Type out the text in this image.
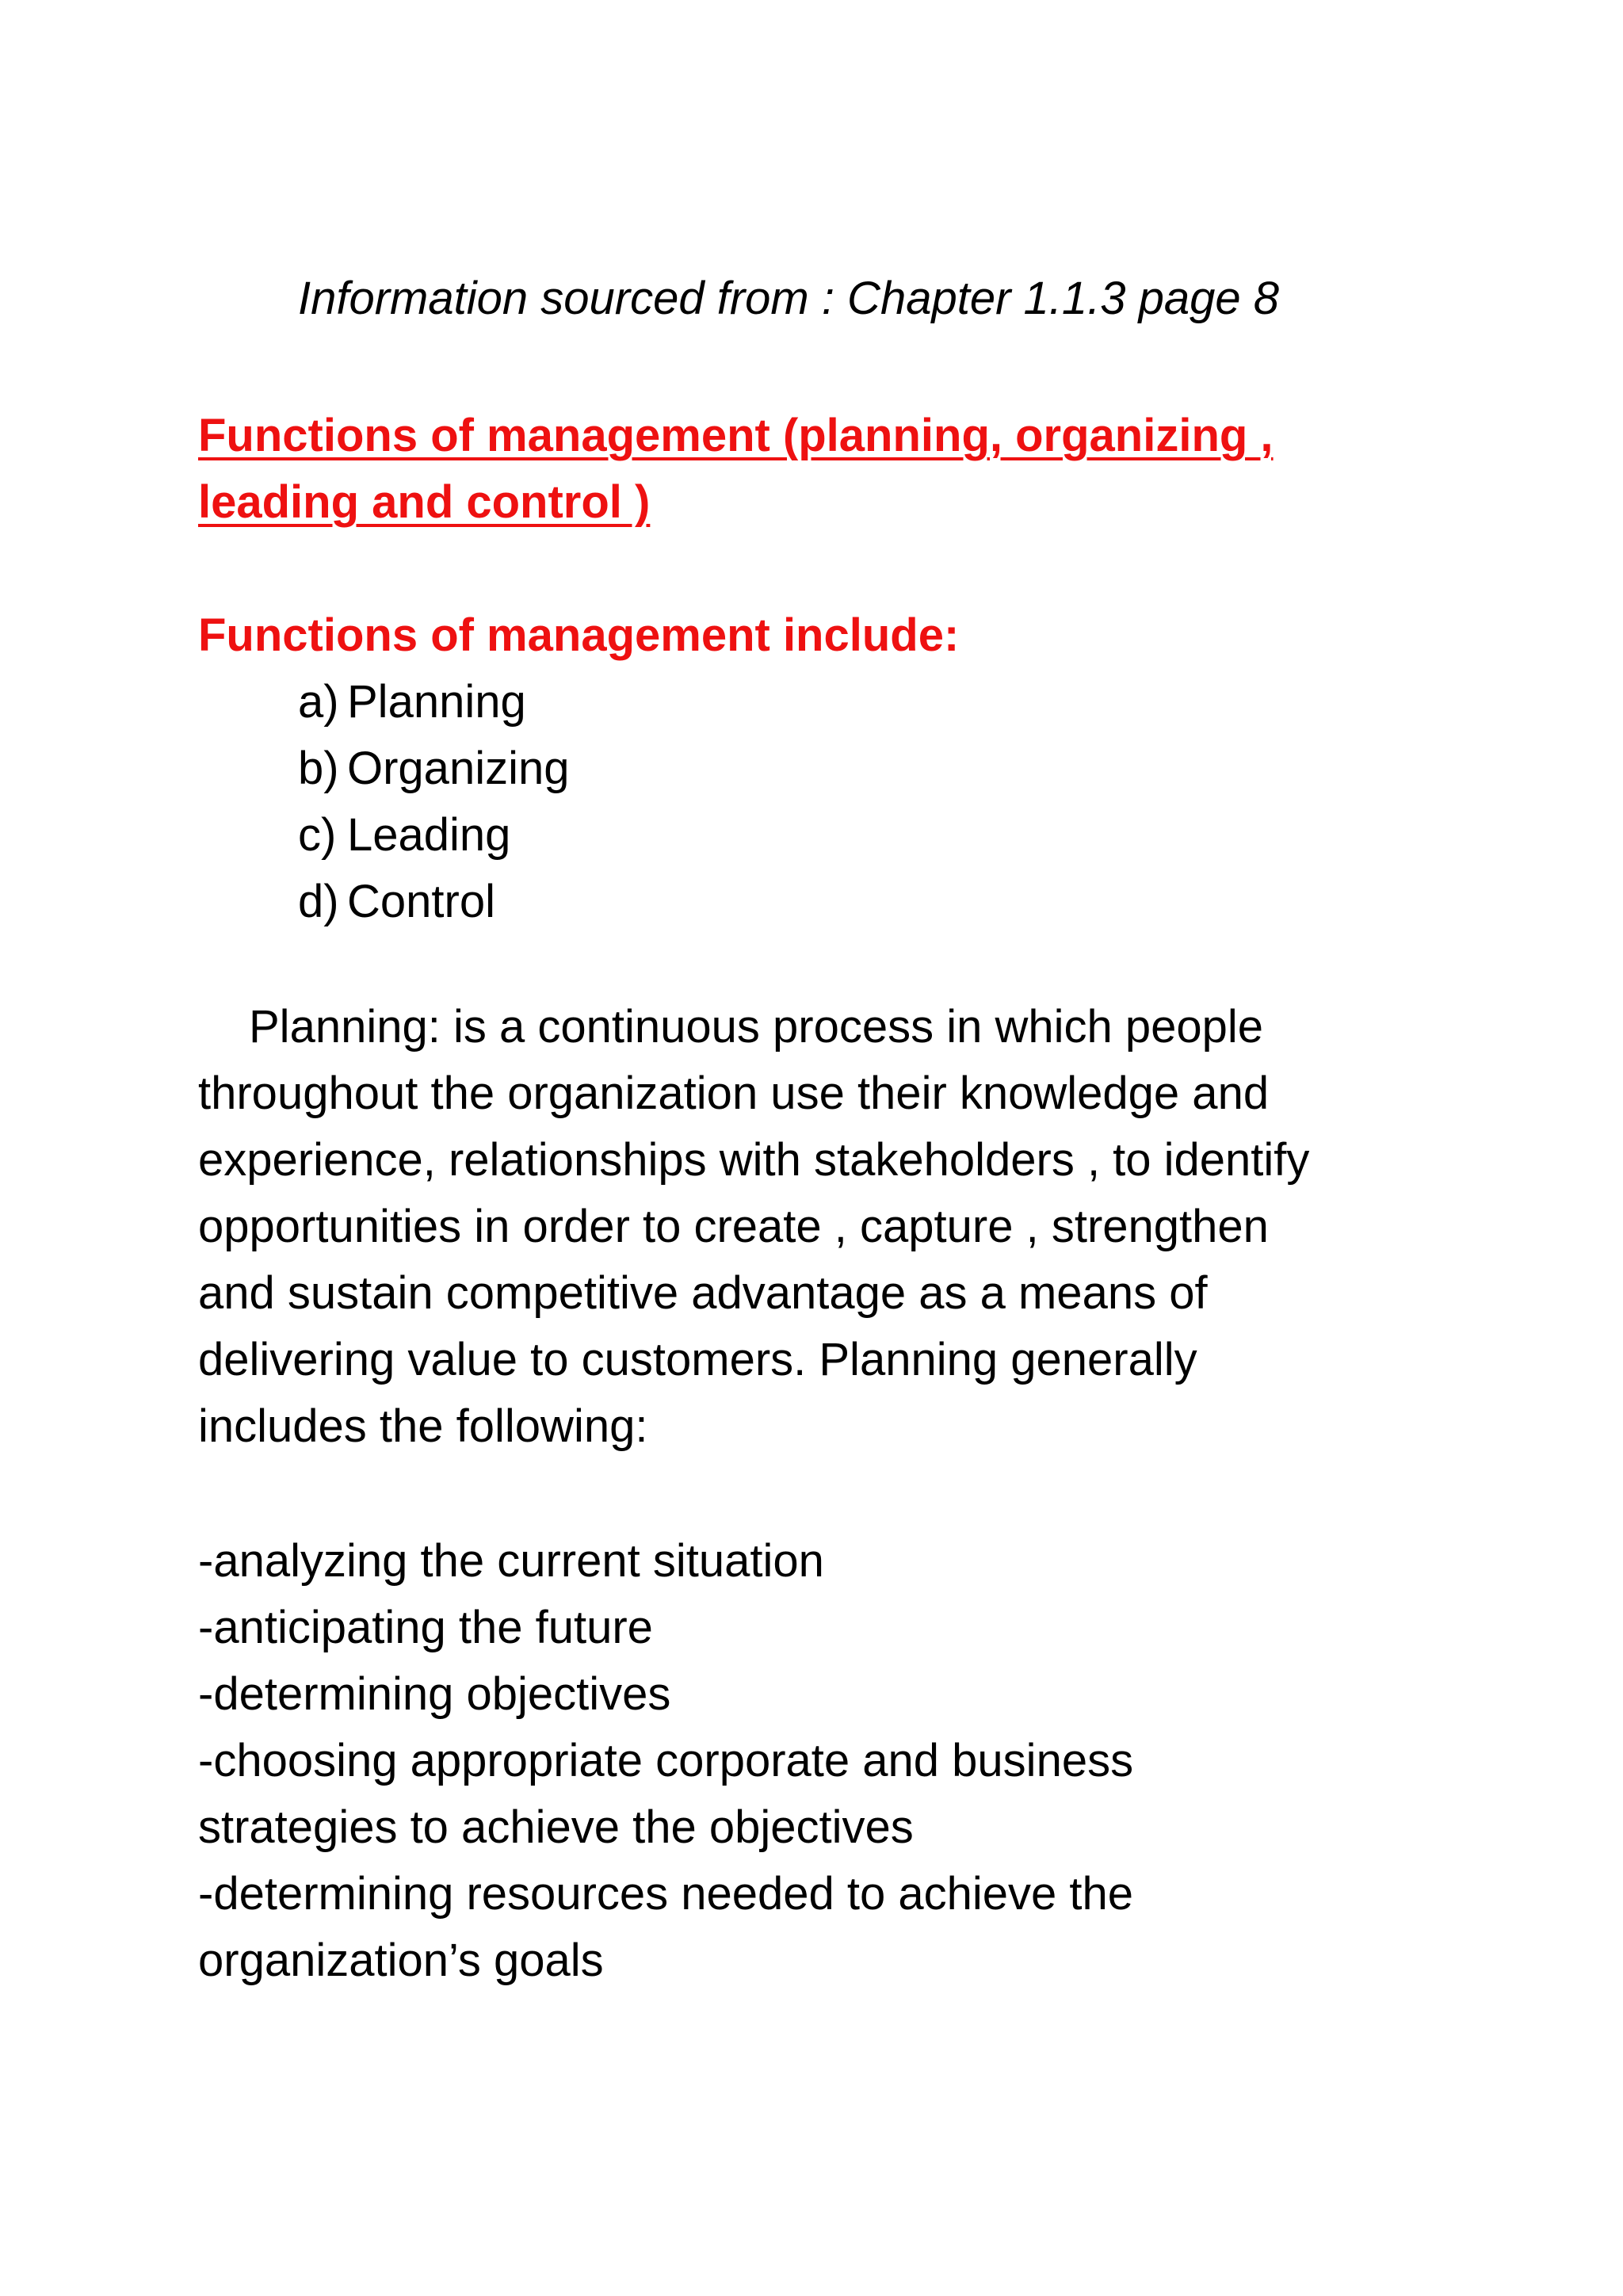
Information sourced from : Chapter 1.1.3 page 8
Functions of management (planning, organizing ,
leading and control )
Functions of management include:
a) Planning
b) Organizing
c) Leading
d) Control
Planning: is a continuous process in which people
throughout the organization use their knowledge and
experience, relationships with stakeholders , to identify
opportunities in order to create , capture , strengthen
and sustain competitive advantage as a means of
delivering value to customers. Planning generally
includes the following:
-analyzing the current situation
-anticipating the future
-determining objectives
-choosing appropriate corporate and business
strategies to achieve the objectives
-determining resources needed to achieve the
organization’s goals
